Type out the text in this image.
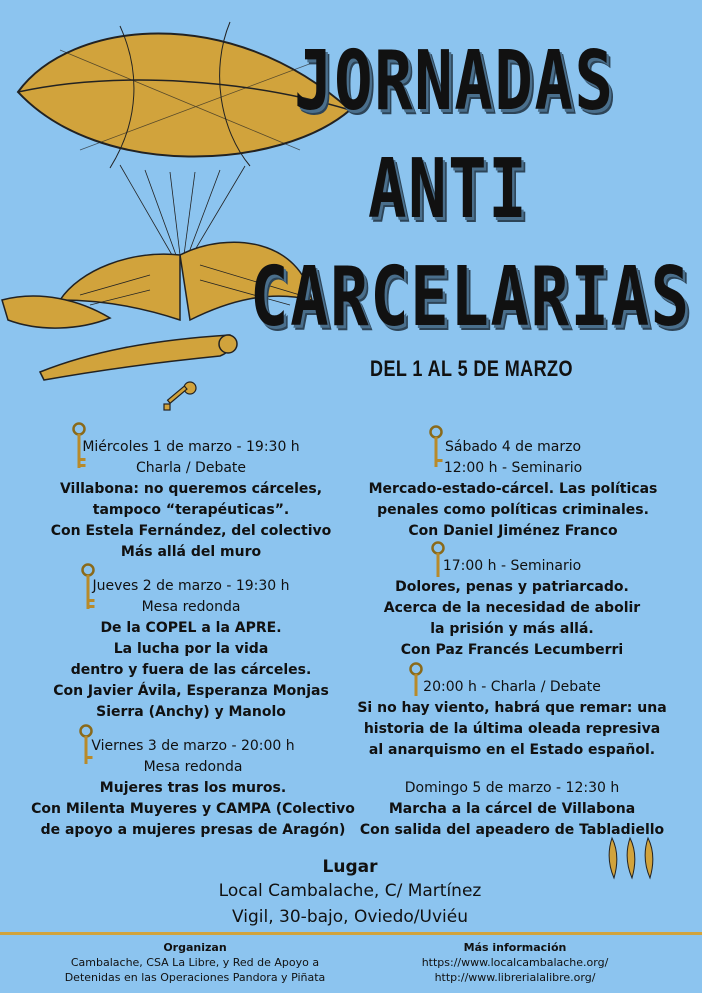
JORNADAS
ANTI
CARCELARIAS
DEL 1 AL 5 DE MARZO
Miércoles 1 de marzo - 19:30 h
Charla / Debate
Villabona: no queremos cárceles,
tampoco “terapéuticas”.
Con Estela Fernández, del colectivo
Más allá del muro
Jueves 2 de marzo - 19:30 h
Mesa redonda
De la COPEL a la APRE.
La lucha por la vida
dentro y fuera de las cárceles.
Con Javier Ávila, Esperanza Monjas
Sierra (Anchy) y Manolo
Viernes 3 de marzo - 20:00 h
Mesa redonda
Mujeres tras los muros.
Con Milenta Muyeres y CAMPA (Colectivo
de apoyo a mujeres presas de Aragón)
Sábado 4 de marzo
12:00 h - Seminario
Mercado-estado-cárcel. Las políticas
penales como políticas criminales.
Con Daniel Jiménez Franco
17:00 h - Seminario
Dolores, penas y patriarcado.
Acerca de la necesidad de abolir
la prisión y más allá.
Con Paz Francés Lecumberri
20:00 h - Charla / Debate
Si no hay viento, habrá que remar: una
historia de la última oleada represiva
al anarquismo en el Estado español.
Domingo 5 de marzo - 12:30 h
Marcha a la cárcel de Villabona
Con salida del apeadero de Tabladiello
Lugar
Local Cambalache, C/ Martínez
Vigil, 30-bajo, Oviedo/Uviéu
Organizan
Cambalache, CSA La Libre, y Red de Apoyo a
Detenidas en las Operaciones Pandora y Piñata
Más información
https://www.localcambalache.org/
http://www.librerialalibre.org/
